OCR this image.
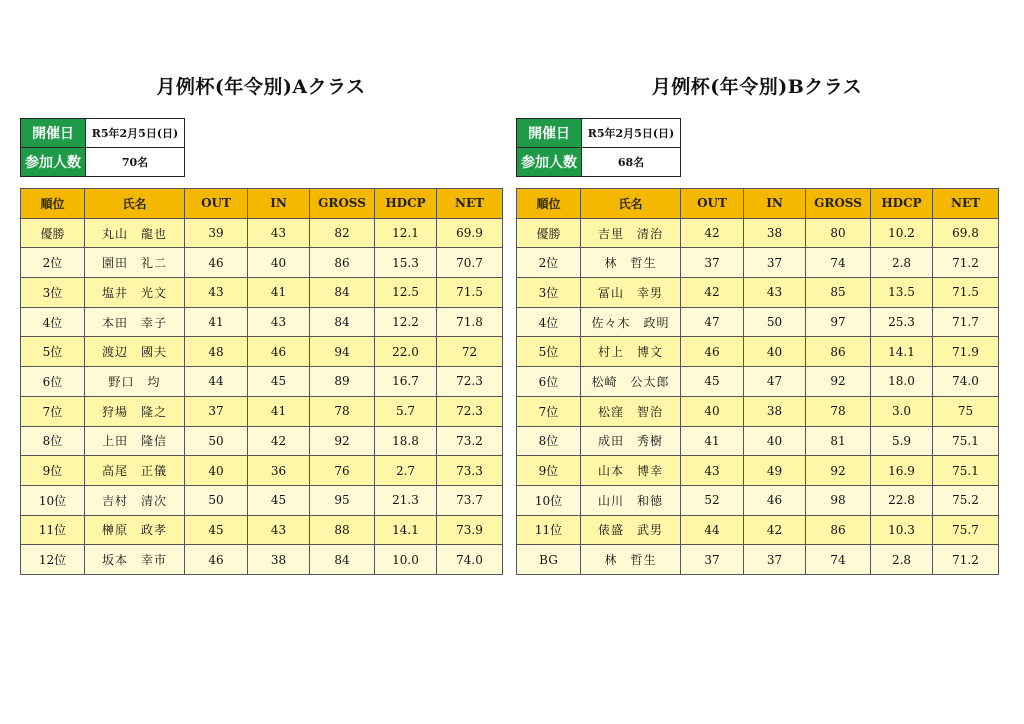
月例杯(年令別)Aクラス
開催日	R5年2月5日(日)
参加人数	70名
順位	氏名	OUT	IN	GROSS	HDCP	NET
優勝	丸山　龍也	39	43	82	12.1	69.9
2位	園田　礼二	46	40	86	15.3	70.7
3位	塩井　光文	43	41	84	12.5	71.5
4位	本田　幸子	41	43	84	12.2	71.8
5位	渡辺　國夫	48	46	94	22.0	72
6位	野口　均	44	45	89	16.7	72.3
7位	狩場　隆之	37	41	78	5.7	72.3
8位	上田　隆信	50	42	92	18.8	73.2
9位	高尾　正儀	40	36	76	2.7	73.3
10位	吉村　清次	50	45	95	21.3	73.7
11位	榊原　政孝	45	43	88	14.1	73.9
12位	坂本　幸市	46	38	84	10.0	74.0
月例杯(年令別)Bクラス
開催日	R5年2月5日(日)
参加人数	68名
順位	氏名	OUT	IN	GROSS	HDCP	NET
優勝	吉里　清治	42	38	80	10.2	69.8
2位	林　哲生	37	37	74	2.8	71.2
3位	冨山　幸男	42	43	85	13.5	71.5
4位	佐々木　政明	47	50	97	25.3	71.7
5位	村上　博文	46	40	86	14.1	71.9
6位	松崎　公太郎	45	47	92	18.0	74.0
7位	松窪　智治	40	38	78	3.0	75
8位	成田　秀樹	41	40	81	5.9	75.1
9位	山本　博幸	43	49	92	16.9	75.1
10位	山川　和徳	52	46	98	22.8	75.2
11位	俵盛　武男	44	42	86	10.3	75.7
BG	林　哲生	37	37	74	2.8	71.2
